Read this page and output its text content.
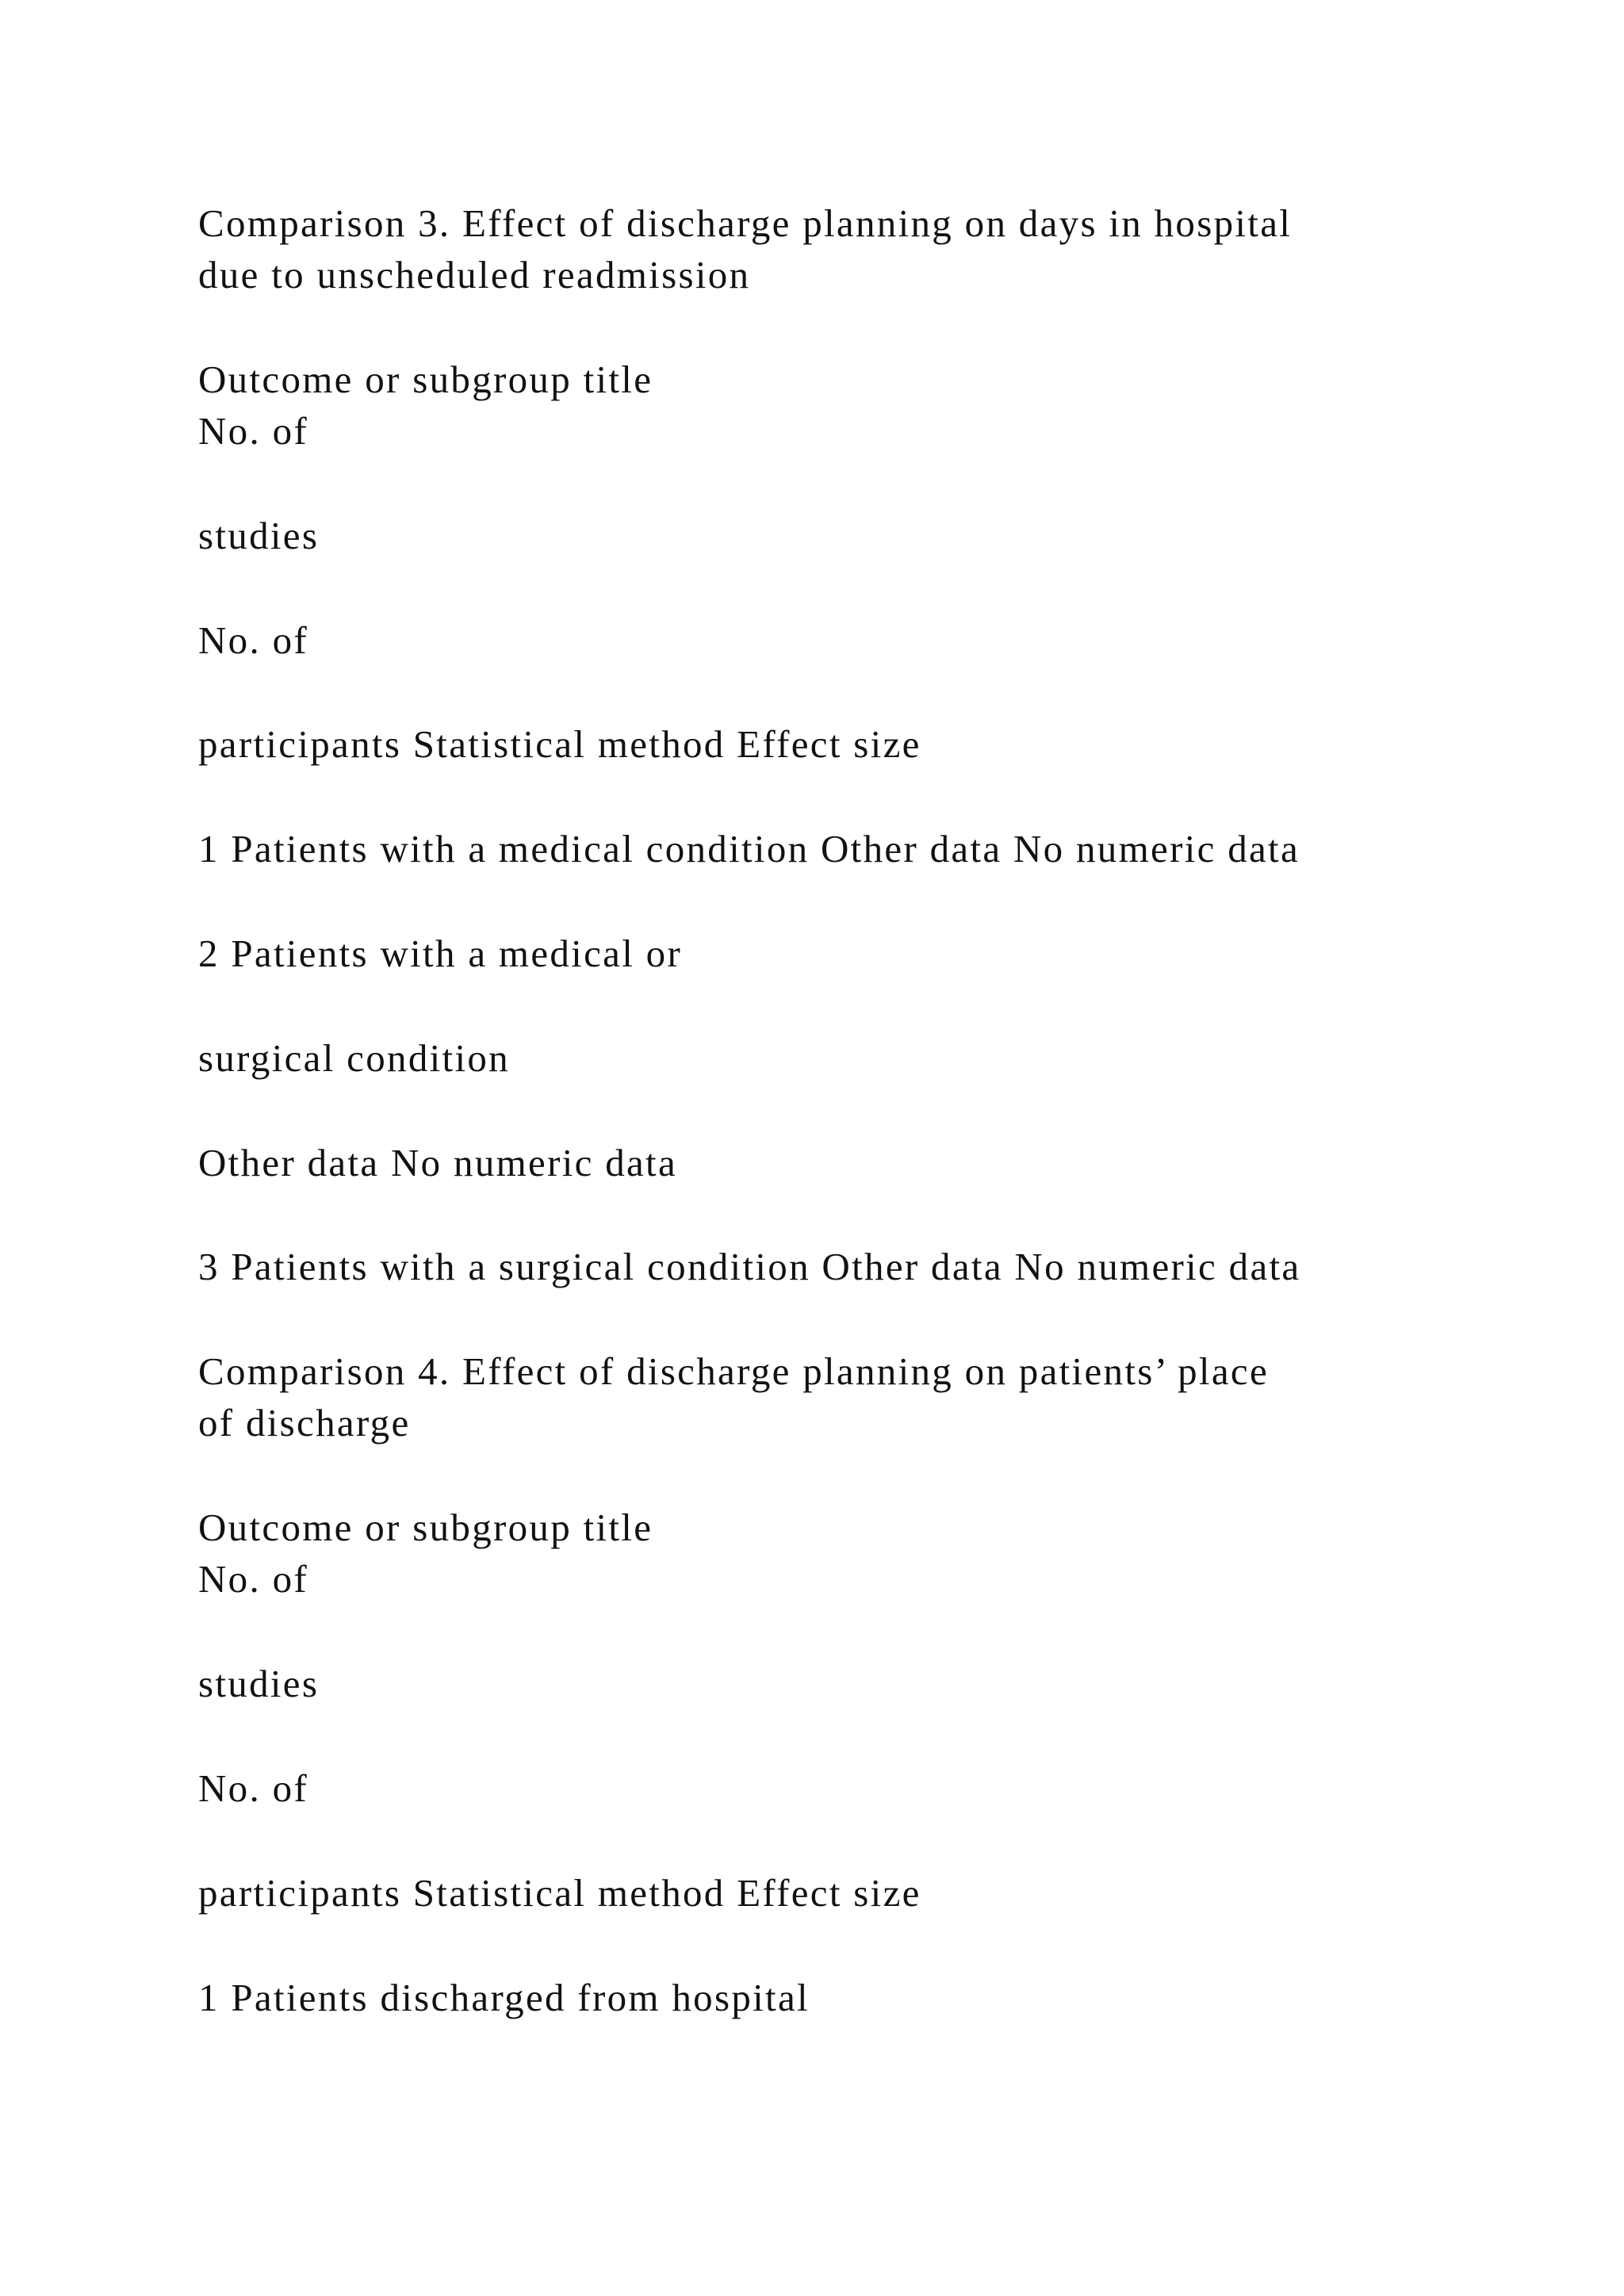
Comparison 3. Effect of discharge planning on days in hospital

due to unscheduled readmission

Outcome or subgroup title

No. of

studies

No. of

participants Statistical method Effect size

1 Patients with a medical condition Other data No numeric data

2 Patients with a medical or

surgical condition

Other data No numeric data

3 Patients with a surgical condition Other data No numeric data

Comparison 4. Effect of discharge planning on patients’ place

of discharge

Outcome or subgroup title

No. of

studies

No. of

participants Statistical method Effect size

1 Patients discharged from hospital
